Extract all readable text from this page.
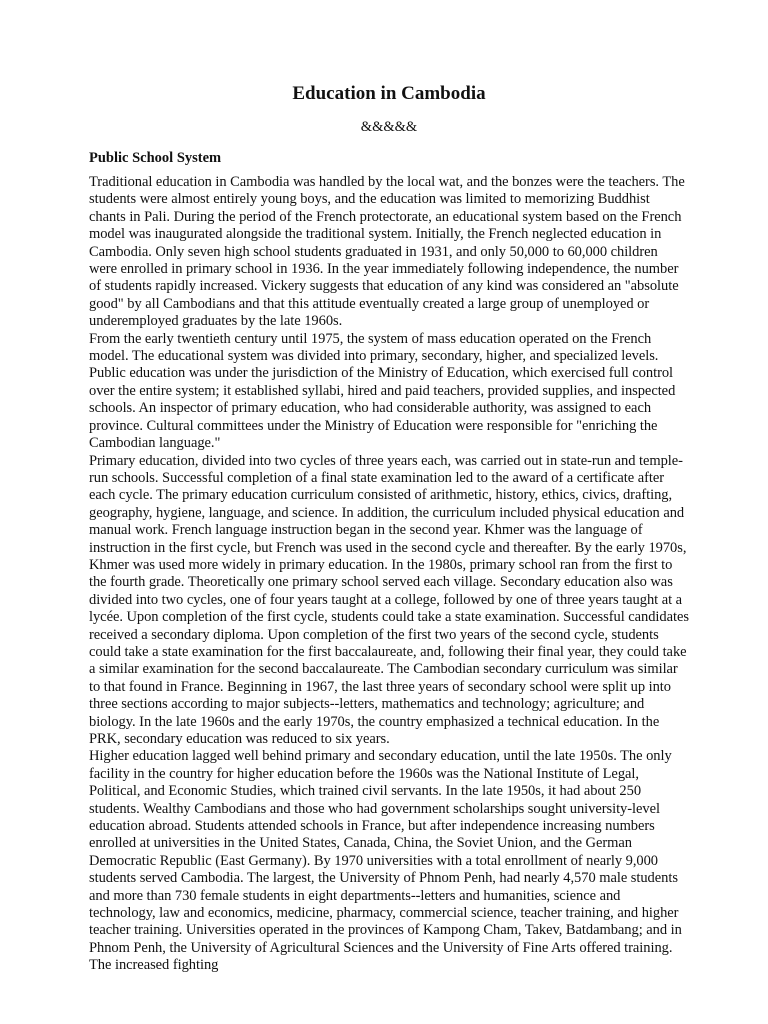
Education in Cambodia
&&&&&
Public School System

Traditional education in Cambodia was handled by the local wat, and the bonzes were the teachers. The students were almost entirely young boys, and the education was limited to memorizing Buddhist chants in Pali. During the period of the French protectorate, an educational system based on the French model was inaugurated alongside the traditional system. Initially, the French neglected education in Cambodia. Only seven high school students graduated in 1931, and only 50,000 to 60,000 children were enrolled in primary school in 1936. In the year immediately following independence, the number of students rapidly increased. Vickery suggests that education of any kind was considered an "absolute good" by all Cambodians and that this attitude eventually created a large group of unemployed or underemployed graduates by the late 1960s.

From the early twentieth century until 1975, the system of mass education operated on the French model. The educational system was divided into primary, secondary, higher, and specialized levels. Public education was under the jurisdiction of the Ministry of Education, which exercised full control over the entire system; it established syllabi, hired and paid teachers, provided supplies, and inspected schools. An inspector of primary education, who had considerable authority, was assigned to each province. Cultural committees under the Ministry of Education were responsible for "enriching the Cambodian language."

Primary education, divided into two cycles of three years each, was carried out in state-run and temple-run schools. Successful completion of a final state examination led to the award of a certificate after each cycle. The primary education curriculum consisted of arithmetic, history, ethics, civics, drafting, geography, hygiene, language, and science. In addition, the curriculum included physical education and manual work. French language instruction began in the second year. Khmer was the language of instruction in the first cycle, but French was used in the second cycle and thereafter. By the early 1970s, Khmer was used more widely in primary education. In the 1980s, primary school ran from the first to the fourth grade. Theoretically one primary school served each village. Secondary education also was divided into two cycles, one of four years taught at a college, followed by one of three years taught at a lycée. Upon completion of the first cycle, students could take a state examination. Successful candidates received a secondary diploma. Upon completion of the first two years of the second cycle, students could take a state examination for the first baccalaureate, and, following their final year, they could take a similar examination for the second baccalaureate. The Cambodian secondary curriculum was similar to that found in France. Beginning in 1967, the last three years of secondary school were split up into three sections according to major subjects--letters, mathematics and technology; agriculture; and biology. In the late 1960s and the early 1970s, the country emphasized a technical education. In the PRK, secondary education was reduced to six years.

Higher education lagged well behind primary and secondary education, until the late 1950s. The only facility in the country for higher education before the 1960s was the National Institute of Legal, Political, and Economic Studies, which trained civil servants. In the late 1950s, it had about 250 students. Wealthy Cambodians and those who had government scholarships sought university-level education abroad. Students attended schools in France, but after independence increasing numbers enrolled at universities in the United States, Canada, China, the Soviet Union, and the German Democratic Republic (East Germany). By 1970 universities with a total enrollment of nearly 9,000 students served Cambodia. The largest, the University of Phnom Penh, had nearly 4,570 male students and more than 730 female students in eight departments--letters and humanities, science and technology, law and economics, medicine, pharmacy, commercial science, teacher training, and higher teacher training. Universities operated in the provinces of Kampong Cham, Takev, Batdambang; and in Phnom Penh, the University of Agricultural Sciences and the University of Fine Arts offered training. The increased fighting
